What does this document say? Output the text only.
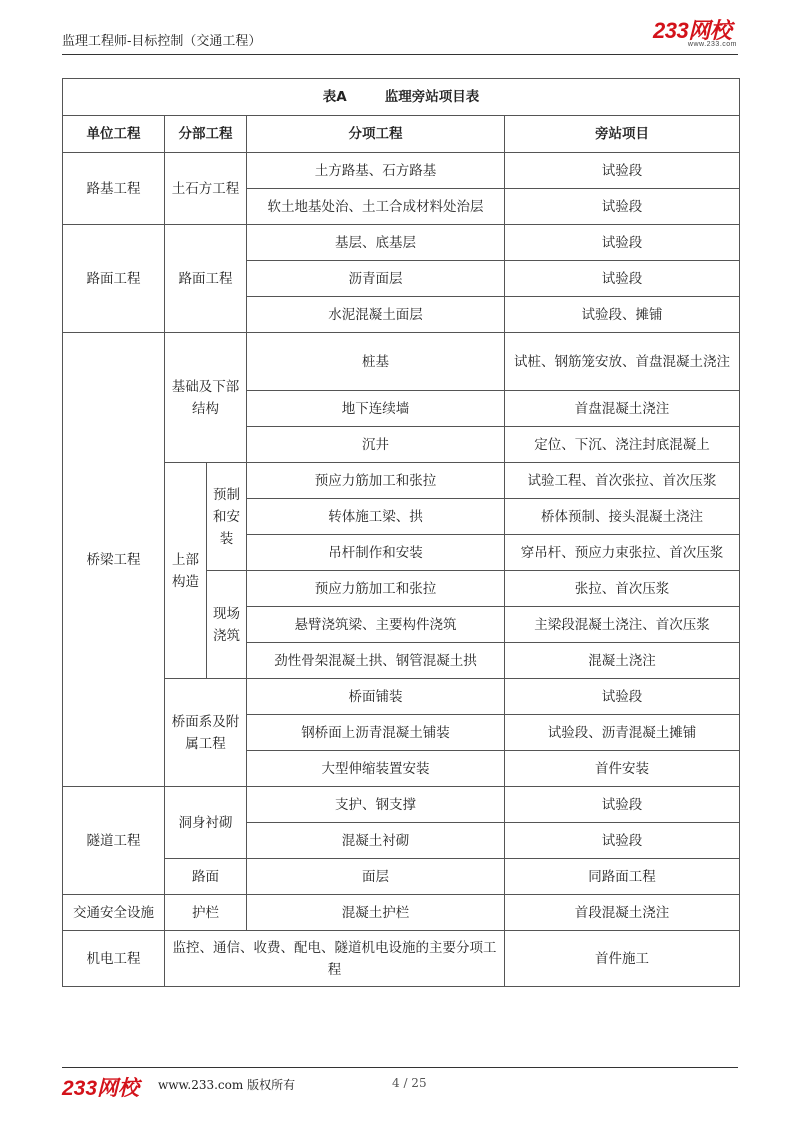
监理工程师-目标控制（交通工程）	233网校
www.233.com
表A 监理旁站项目表				
单位工程	分部工程		分项工程	旁站项目
路基工程	土石方工程		土方路基、石方路基	试验段
			软土地基处治、土工合成材料处治层	试验段
路面工程	路面工程		基层、底基层	试验段
			沥青面层	试验段
			水泥混凝土面层	试验段、摊铺
桥梁工程	基础及下部结构		桩基	试桩、钢筋笼安放、首盘混凝土浇注
			地下连续墙	首盘混凝土浇注
			沉井	定位、下沉、浇注封底混凝上
	上部构造	预制和安装	预应力筋加工和张拉	试验工程、首次张拉、首次压浆
			转体施工梁、拱	桥体预制、接头混凝土浇注
			吊杆制作和安装	穿吊杆、预应力束张拉、首次压浆
		现场浇筑	预应力筋加工和张拉	张拉、首次压浆
			悬臂浇筑梁、主要构件浇筑	主梁段混凝土浇注、首次压浆
			劲性骨架混凝土拱、钢管混凝土拱	混凝土浇注
	桥面系及附属工程		桥面铺装	试验段
			钢桥面上沥青混凝土铺装	试验段、沥青混凝土摊铺
			大型伸缩装置安装	首件安装
隧道工程	洞身衬砌		支护、钢支撑	试验段
			混凝土衬砌	试验段
	路面		面层	同路面工程
交通安全设施	护栏		混凝土护栏	首段混凝土浇注
机电工程	监控、通信、收费、配电、隧道机电设施的主要分项工程			首件施工
233网校 www.233.com 版权所有	4 / 25
